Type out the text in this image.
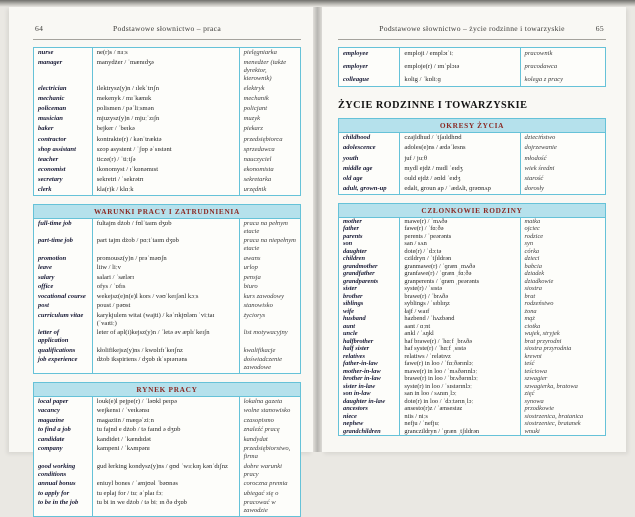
64	Podstawowe słownictwo – praca
nurse	ne(r)s / nɜːs	pielęgniarka
manager	manydżer / ˈmænɪdʒə	menedżer (także dyrektor, kierownik)
electrician	ilektrysz(y)n / ɪlekˈtrɪʃn	elektryk
mechanic	mekenyk / mɪˈkænɪk	mechanik
policeman	polismen / pəˈliːsmən	policjant
musician	mjuzysz(y)n / mjuːˈzɪʃn	muzyk
baker	bejker / ˈbeɪkə	piekarz
contractor	kontrakte(r) / kənˈtræktə	przedsiębiorca
shop assistant	szop asystent / ˈʃɒp əˈsɪstənt	sprzedawca
teacher	ticze(r) / ˈtiːtʃə	nauczyciel
economist	ikonomyst / ɪˈkɒnəmɪst	ekonomista
secretary	sekretri / ˈsekrətrɪ	sekretarka
clerk	kla(r)k / klɑːk	urzędnik
WARUNKI PRACY I ZATRUDNIENIA		
full-time job	fultajm dżob / fʊlˈtaɪm dʒɒb	praca na pełnym etacie
part-time job	part tajm dżob / pɑːtˈtaɪm dʒɒb	praca na niepełnym etacie
promotion	promousz(y)n / prəˈməʊʃn	awans
leave	liiw / liːv	urlop
salary	salari / ˈsælərɪ	pensja
office	ofys / ˈɒfɪs	biuro
vocational course	wekejsz(e)n(e)l kors / vəʊˈkeɪʃənl kɔːs	kurs zawodowy
post	poust / pəʊst	stanowisko
curriculum vitae	karykjulem witai (wajti) / kəˈrɪkjʊləm ˈviːtaɪ (ˈvaɪtiː)	życiorys
letter of application	leter of apl(i)kejsz(y)n / ˈletə əv æplɪˈkeɪʃn	list motywacyjny
qualifications	kłolifikejsz(y)ns / kwɒlɪfɪˈkeɪʃnz	kwalifikacje
job experience	dżob ikspiriens / dʒɒb ɪkˈspɪərɪəns	doświadczenie zawodowe
RYNEK PRACY		
local paper	louk(e)l pejpe(r) / ˈləʊkl peɪpə	lokalna gazeta
vacancy	wejkensi / ˈveɪkənsɪ	wolne stanowisko
magazine	magaziin / mæɡəˈziːn	czasopismo
to find a job	tu fajnd e dżob / tə faɪnd ə dʒɒb	znaleźć pracę
candidate	kandidet / ˈkændɪdət	kandydat
company	kampeni / ˈkʌmpənɪ	przedsiębiorstwo, firma
good working conditions	gud łerking kondysz(y)ns / ɡʊd ˈwɜːkɪŋ kənˈdɪʃnz	dobre warunki pracy
annual bonus	eniuyl bones / ˈænjʊəl ˈbəʊnəs	coroczna premia
to apply for	tu eplaj for / tuː əˈplaɪ fɔː	ubiegać się o
to be in the job	tu bi in we dżob / tə biː ɪn ðə dʒɒb	pracować w zawodzie
Podstawowe słownictwo – życie rodzinne i towarzyskie	65
employee	emploji / emplɔɪˈiː	pracownik
employer	emploje(r) / ɪmˈplɔɪə	pracodawca
colleague	kolig / ˈkɒliːɡ	kolega z pracy
ŻYCIE RODZINNE I TOWARZYSKIE
OKRESY ŻYCIA		
childhood	czajldhud / ˈtʃaɪldhʊd	dzieciństwo
adolescence	adoles(e)ns / ædəˈlesns	dojrzewanie
youth	juf / juːθ	młodość
middle age	mydl ejdż / mɪdl ˈeɪdʒ	wiek średni
old age	ould ejdż / əʊld ˈeɪdʒ	starość
adult, grown-up	edalt, groun ap / ˈædʌlt, ɡrəʊnʌp	dorosły
CZŁONKOWIE RODZINY		
mother	mawe(r) / ˈmʌðə	matka
father	fawe(r) / ˈfɑːðə	ojciec
parents	perents / ˈpeərənts	rodzice
son	san / sʌn	syn
daughter	dote(r) / ˈdɔːtə	córka
children	czildryn / ˈtʃɪldrən	dzieci
grandmother	granmawe(r) / ˈɡræn ˌmʌðə	babcia
grandfather	granfawe(r) / ˈɡræn ˌfɑːðə	dziadek
grandparents	granperents / ˈɡræn ˌpeərənts	dziadkowie
sister	syste(r) / ˈsɪstə	siostra
brother	brawe(r) / ˈbrʌðə	brat
siblings	syblings / ˈsɪblɪŋz	rodzeństwo
wife	łajf / waɪf	żona
husband	hazbend / ˈhʌzbənd	mąż
aunt	aant / ɑːnt	ciotka
uncle	ankl / ˈʌŋkl	wujek, stryjek
halfbrother	haf brawe(r) / ˈhɑːf ˌbrʌðə	brat przyrodni
half sister	haf syste(r) / ˈhɑːf ˌsɪstə	siostra przyrodnia
relatives	relatiws / ˈrelətɪvz	krewni
father-in-law	fawe(r) in loo / ˈfɑːðərɪnlɔː	teść
mother-in-law	mawe(r) in loo / ˈmʌðərɪnlɔː	teściowa
brother in-law	brawe(r) in loo / ˈbrʌðərɪnlɔː	szwagier
sister in-law	syste(r) in loo / ˈsɪstərɪnlɔː	szwagierka, bratowa
son in-law	san in loo / sʌnɪnˌlɔː	zięć
daughter in-law	dote(r) in loo / ˈdɔːtərɪnˌlɔː	synowa
ancestors	ansesto(r)z / ˈænsestəz	przodkowie
niece	niis / niːs	siostrzenica, bratanica
nephew	nefju / ˈnefjuː	siostrzeniec, bratanek
grandchildren	granczildryn / ˈɡræn ˌtʃɪldrən	wnuki
